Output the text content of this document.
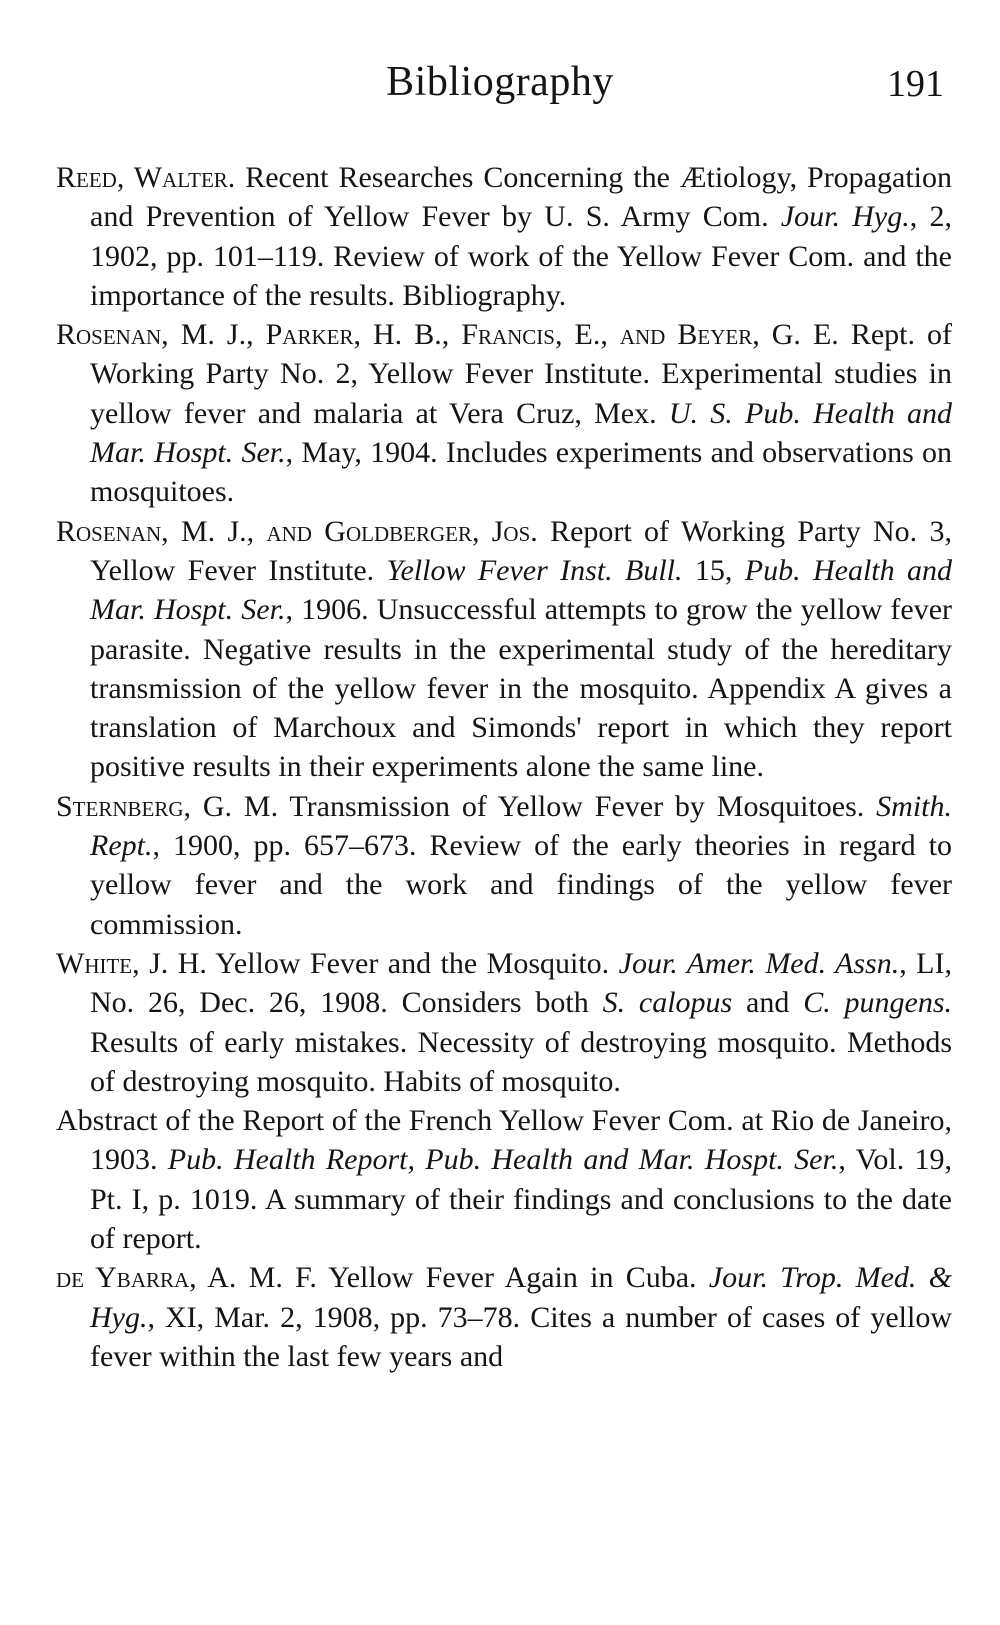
Bibliography	191

Reed, Walter. Recent Researches Concerning the Ætiology, Propagation and Prevention of Yellow Fever by U. S. Army Com. Jour. Hyg., 2, 1902, pp. 101–119. Review of work of the Yellow Fever Com. and the importance of the results. Bibliography.

Rosenan, M. J., Parker, H. B., Francis, E., and Beyer, G. E. Rept. of Working Party No. 2, Yellow Fever Institute. Experimental studies in yellow fever and malaria at Vera Cruz, Mex. U. S. Pub. Health and Mar. Hospt. Ser., May, 1904. Includes experiments and observations on mosquitoes.

Rosenan, M. J., and Goldberger, Jos. Report of Working Party No. 3, Yellow Fever Institute. Yellow Fever Inst. Bull. 15, Pub. Health and Mar. Hospt. Ser., 1906. Unsuccessful attempts to grow the yellow fever parasite. Negative results in the experimental study of the hereditary transmission of the yellow fever in the mosquito. Appendix A gives a translation of Marchoux and Simonds' report in which they report positive results in their experiments alone the same line.

Sternberg, G. M. Transmission of Yellow Fever by Mosquitoes. Smith. Rept., 1900, pp. 657–673. Review of the early theories in regard to yellow fever and the work and findings of the yellow fever commission.

White, J. H. Yellow Fever and the Mosquito. Jour. Amer. Med. Assn., LI, No. 26, Dec. 26, 1908. Considers both S. calopus and C. pungens. Results of early mistakes. Necessity of destroying mosquito. Methods of destroying mosquito. Habits of mosquito.

Abstract of the Report of the French Yellow Fever Com. at Rio de Janeiro, 1903. Pub. Health Report, Pub. Health and Mar. Hospt. Ser., Vol. 19, Pt. I, p. 1019. A summary of their findings and conclusions to the date of report.

de Ybarra, A. M. F. Yellow Fever Again in Cuba. Jour. Trop. Med. & Hyg., XI, Mar. 2, 1908, pp. 73–78. Cites a number of cases of yellow fever within the last few years and
